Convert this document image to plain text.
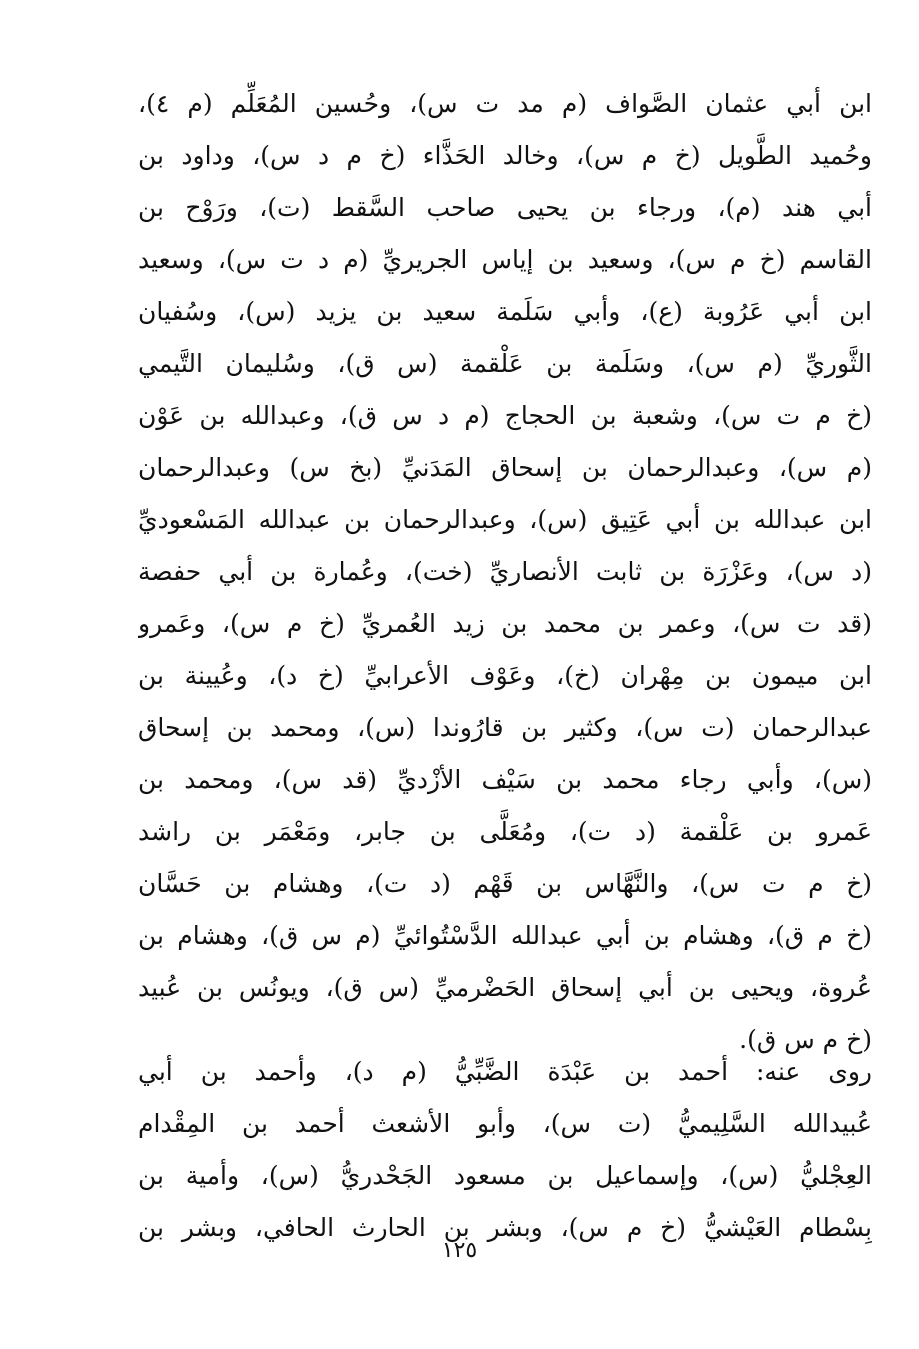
ابن أبي عثمان الصَّواف (م مد ت س)، وحُسين المُعَلِّم (م ٤)،
وحُميد الطَّويل (خ م س)، وخالد الحَذَّاء (خ م د س)، وداود بن
أبي هند (م)، ورجاء بن يحيى صاحب السَّقط (ت)، ورَوْح بن
القاسم (خ م س)، وسعيد بن إياس الجريريِّ (م د ت س)، وسعيد
ابن أبي عَرُوبة (ع)، وأبي سَلَمة سعيد بن يزيد (س)، وسُفيان
الثَّوريِّ (م س)، وسَلَمة بن عَلْقمة (س ق)، وسُليمان التَّيمي
(خ م ت س)، وشعبة بن الحجاج (م د س ق)، وعبدالله بن عَوْن
(م س)، وعبدالرحمان بن إسحاق المَدَنيِّ (بخ س) وعبدالرحمان
ابن عبدالله بن أبي عَتِيق (س)، وعبدالرحمان بن عبدالله المَسْعوديِّ
(د س)، وعَزْرَة بن ثابت الأنصاريِّ (خت)، وعُمارة بن أبي حفصة
(قد ت س)، وعمر بن محمد بن زيد العُمريِّ (خ م س)، وعَمرو
ابن ميمون بن مِهْران (خ)، وعَوْف الأعرابيِّ (خ د)، وعُيينة بن
عبدالرحمان (ت س)، وكثير بن قارُوندا (س)، ومحمد بن إسحاق
(س)، وأبي رجاء محمد بن سَيْف الأزْديِّ (قد س)، ومحمد بن
عَمرو بن عَلْقمة (د ت)، ومُعَلَّى بن جابر، ومَعْمَر بن راشد
(خ م ت س)، والنَّهَّاس بن قَهْم (د ت)، وهشام بن حَسَّان
(خ م ق)، وهشام بن أبي عبدالله الدَّسْتُوائيِّ (م س ق)، وهشام بن
عُروة، ويحيى بن أبي إسحاق الحَضْرميِّ (س ق)، ويونُس بن عُبيد
(خ م س ق).
روى عنه: أحمد بن عَبْدَة الضَّبِّيُّ (م د)، وأحمد بن أبي
عُبيدالله السَّلِيميُّ (ت س)، وأبو الأشعث أحمد بن المِقْدام
العِجْليُّ (س)، وإسماعيل بن مسعود الجَحْدريُّ (س)، وأمية بن
بِسْطام العَيْشيُّ (خ م س)، وبشر بن الحارث الحافي، وبشر بن
١٢٥
